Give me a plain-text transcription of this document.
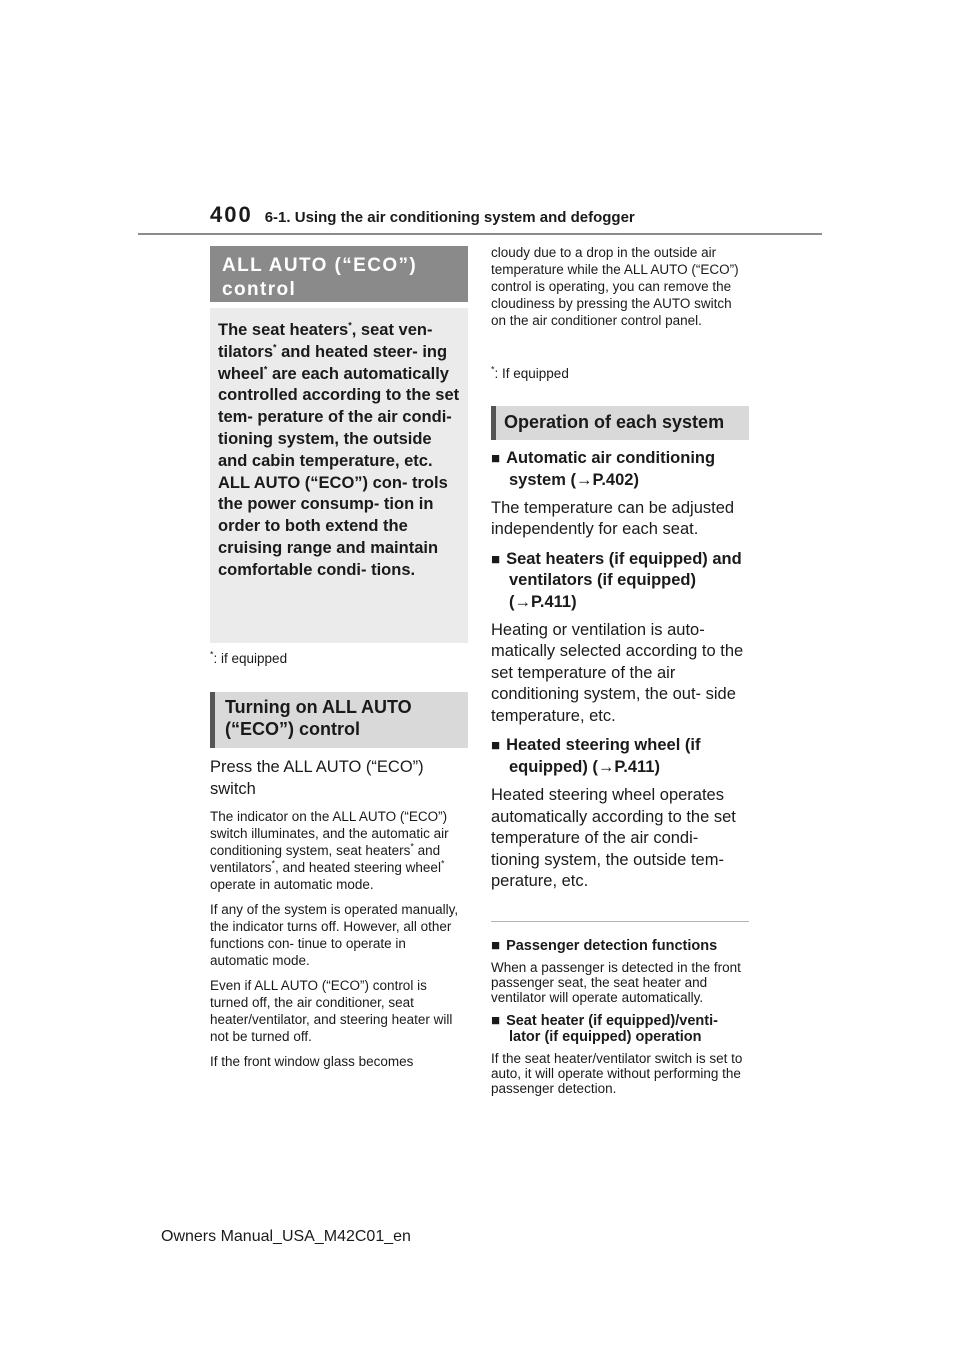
400 6-1. Using the air conditioning system and defogger
ALL AUTO (“ECO”)
control

The seat heaters*, seat ven- tilators* and heated steer- ing wheel* are each automatically controlled according to the set tem- perature of the air condi- tioning system, the outside and cabin temperature, etc. ALL AUTO (“ECO”) con- trols the power consump- tion in order to both extend the cruising range and maintain comfortable condi- tions.

*: if equipped
Turning on ALL AUTO
(“ECO”) control
Press the ALL AUTO (“ECO”) switch

The indicator on the ALL AUTO (“ECO”) switch illuminates, and the automatic air conditioning system, seat heaters* and ventilators*, and heated steering wheel* operate in automatic mode.

If any of the system is operated manually, the indicator turns off. However, all other functions con- tinue to operate in automatic mode.

Even if ALL AUTO (“ECO”) control is turned off, the air conditioner, seat heater/ventilator, and steering heater will not be turned off.

If the front window glass becomes

cloudy due to a drop in the outside air temperature while the ALL AUTO (“ECO”) control is operating, you can remove the cloudiness by pressing the AUTO switch on the air conditioner control panel.
*: If equipped
Operation of each system

■ Automatic air conditioning system (→P.402)

The temperature can be adjusted independently for each seat.

■ Seat heaters (if equipped) and ventilators (if equipped) (→P.411)

Heating or ventilation is auto- matically selected according to the set temperature of the air conditioning system, the out- side temperature, etc.

■ Heated steering wheel (if equipped) (→P.411)

Heated steering wheel operates automatically according to the set temperature of the air condi- tioning system, the outside tem- perature, etc.

■ Passenger detection functions

When a passenger is detected in the front passenger seat, the seat heater and ventilator will operate automatically.

■ Seat heater (if equipped)/venti- lator (if equipped) operation

If the seat heater/ventilator switch is set to auto, it will operate without performing the passenger detection.

Owners Manual_USA_M42C01_en
